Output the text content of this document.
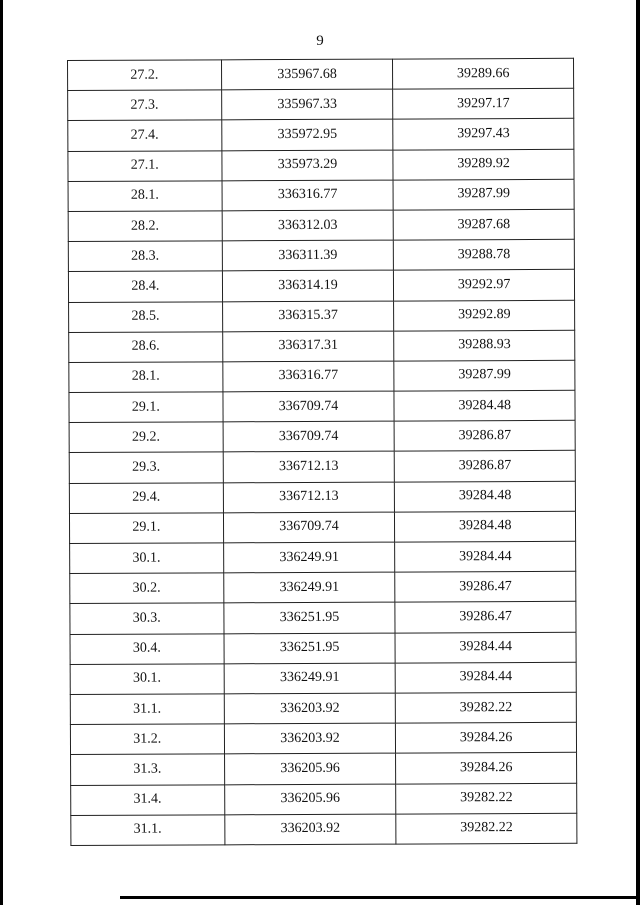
9
27.2.	335967.68	39289.66
27.3.	335967.33	39297.17
27.4.	335972.95	39297.43
27.1.	335973.29	39289.92
28.1.	336316.77	39287.99
28.2.	336312.03	39287.68
28.3.	336311.39	39288.78
28.4.	336314.19	39292.97
28.5.	336315.37	39292.89
28.6.	336317.31	39288.93
28.1.	336316.77	39287.99
29.1.	336709.74	39284.48
29.2.	336709.74	39286.87
29.3.	336712.13	39286.87
29.4.	336712.13	39284.48
29.1.	336709.74	39284.48
30.1.	336249.91	39284.44
30.2.	336249.91	39286.47
30.3.	336251.95	39286.47
30.4.	336251.95	39284.44
30.1.	336249.91	39284.44
31.1.	336203.92	39282.22
31.2.	336203.92	39284.26
31.3.	336205.96	39284.26
31.4.	336205.96	39282.22
31.1.	336203.92	39282.22
